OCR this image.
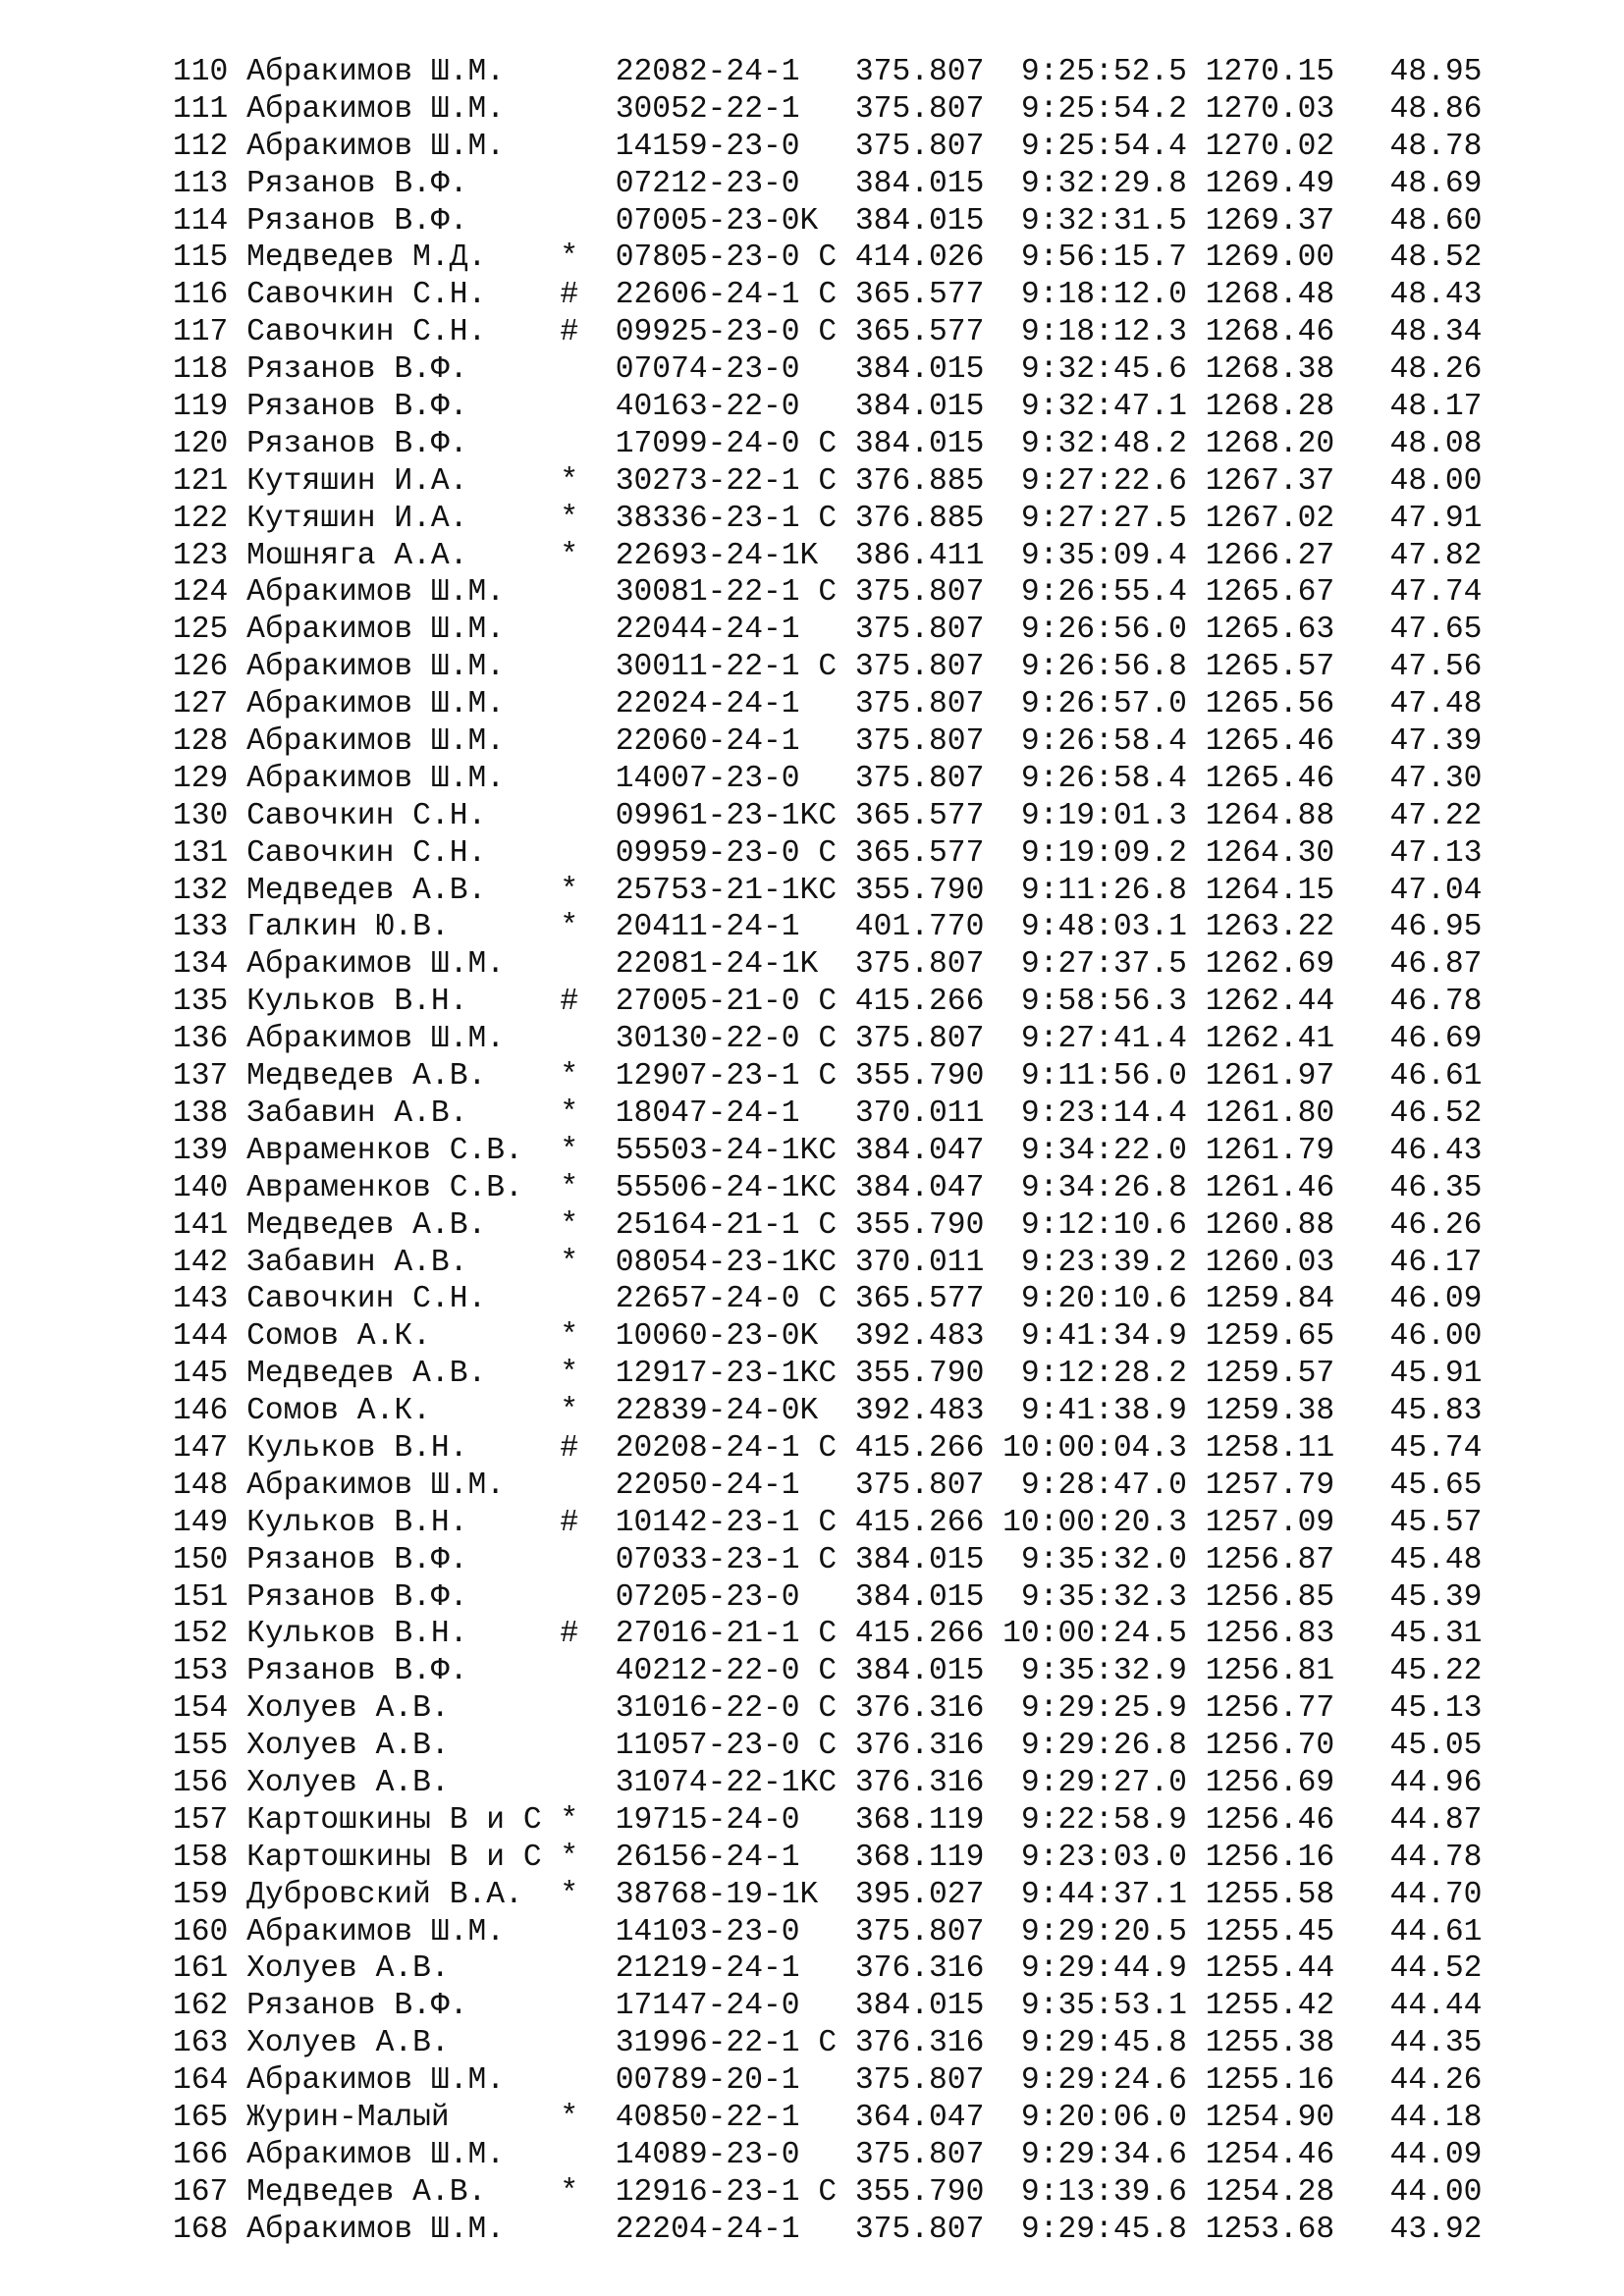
110 Абракимов Ш.М.      22082-24-1   375.807  9:25:52.5 1270.15   48.95
111 Абракимов Ш.М.      30052-22-1   375.807  9:25:54.2 1270.03   48.86
112 Абракимов Ш.М.      14159-23-0   375.807  9:25:54.4 1270.02   48.78
113 Рязанов В.Ф.        07212-23-0   384.015  9:32:29.8 1269.49   48.69
114 Рязанов В.Ф.        07005-23-0K  384.015  9:32:31.5 1269.37   48.60
115 Медведев М.Д.    *  07805-23-0 C 414.026  9:56:15.7 1269.00   48.52
116 Савочкин С.Н.    #  22606-24-1 C 365.577  9:18:12.0 1268.48   48.43
117 Савочкин С.Н.    #  09925-23-0 C 365.577  9:18:12.3 1268.46   48.34
118 Рязанов В.Ф.        07074-23-0   384.015  9:32:45.6 1268.38   48.26
119 Рязанов В.Ф.        40163-22-0   384.015  9:32:47.1 1268.28   48.17
120 Рязанов В.Ф.        17099-24-0 C 384.015  9:32:48.2 1268.20   48.08
121 Кутяшин И.А.     *  30273-22-1 C 376.885  9:27:22.6 1267.37   48.00
122 Кутяшин И.А.     *  38336-23-1 C 376.885  9:27:27.5 1267.02   47.91
123 Мошняга А.А.     *  22693-24-1K  386.411  9:35:09.4 1266.27   47.82
124 Абракимов Ш.М.      30081-22-1 C 375.807  9:26:55.4 1265.67   47.74
125 Абракимов Ш.М.      22044-24-1   375.807  9:26:56.0 1265.63   47.65
126 Абракимов Ш.М.      30011-22-1 C 375.807  9:26:56.8 1265.57   47.56
127 Абракимов Ш.М.      22024-24-1   375.807  9:26:57.0 1265.56   47.48
128 Абракимов Ш.М.      22060-24-1   375.807  9:26:58.4 1265.46   47.39
129 Абракимов Ш.М.      14007-23-0   375.807  9:26:58.4 1265.46   47.30
130 Савочкин С.Н.       09961-23-1KC 365.577  9:19:01.3 1264.88   47.22
131 Савочкин С.Н.       09959-23-0 C 365.577  9:19:09.2 1264.30   47.13
132 Медведев А.В.    *  25753-21-1KC 355.790  9:11:26.8 1264.15   47.04
133 Галкин Ю.В.      *  20411-24-1   401.770  9:48:03.1 1263.22   46.95
134 Абракимов Ш.М.      22081-24-1K  375.807  9:27:37.5 1262.69   46.87
135 Кульков В.Н.     #  27005-21-0 C 415.266  9:58:56.3 1262.44   46.78
136 Абракимов Ш.М.      30130-22-0 C 375.807  9:27:41.4 1262.41   46.69
137 Медведев А.В.    *  12907-23-1 C 355.790  9:11:56.0 1261.97   46.61
138 Забавин А.В.     *  18047-24-1   370.011  9:23:14.4 1261.80   46.52
139 Авраменков С.В.  *  55503-24-1KC 384.047  9:34:22.0 1261.79   46.43
140 Авраменков С.В.  *  55506-24-1KC 384.047  9:34:26.8 1261.46   46.35
141 Медведев А.В.    *  25164-21-1 C 355.790  9:12:10.6 1260.88   46.26
142 Забавин А.В.     *  08054-23-1KC 370.011  9:23:39.2 1260.03   46.17
143 Савочкин С.Н.       22657-24-0 C 365.577  9:20:10.6 1259.84   46.09
144 Сомов А.К.       *  10060-23-0K  392.483  9:41:34.9 1259.65   46.00
145 Медведев А.В.    *  12917-23-1KC 355.790  9:12:28.2 1259.57   45.91
146 Сомов А.К.       *  22839-24-0K  392.483  9:41:38.9 1259.38   45.83
147 Кульков В.Н.     #  20208-24-1 C 415.266 10:00:04.3 1258.11   45.74
148 Абракимов Ш.М.      22050-24-1   375.807  9:28:47.0 1257.79   45.65
149 Кульков В.Н.     #  10142-23-1 C 415.266 10:00:20.3 1257.09   45.57
150 Рязанов В.Ф.        07033-23-1 C 384.015  9:35:32.0 1256.87   45.48
151 Рязанов В.Ф.        07205-23-0   384.015  9:35:32.3 1256.85   45.39
152 Кульков В.Н.     #  27016-21-1 C 415.266 10:00:24.5 1256.83   45.31
153 Рязанов В.Ф.        40212-22-0 C 384.015  9:35:32.9 1256.81   45.22
154 Холуев А.В.         31016-22-0 C 376.316  9:29:25.9 1256.77   45.13
155 Холуев А.В.         11057-23-0 C 376.316  9:29:26.8 1256.70   45.05
156 Холуев А.В.         31074-22-1KC 376.316  9:29:27.0 1256.69   44.96
157 Картошкины В и С *  19715-24-0   368.119  9:22:58.9 1256.46   44.87
158 Картошкины В и С *  26156-24-1   368.119  9:23:03.0 1256.16   44.78
159 Дубровский В.А.  *  38768-19-1K  395.027  9:44:37.1 1255.58   44.70
160 Абракимов Ш.М.      14103-23-0   375.807  9:29:20.5 1255.45   44.61
161 Холуев А.В.         21219-24-1   376.316  9:29:44.9 1255.44   44.52
162 Рязанов В.Ф.        17147-24-0   384.015  9:35:53.1 1255.42   44.44
163 Холуев А.В.         31996-22-1 C 376.316  9:29:45.8 1255.38   44.35
164 Абракимов Ш.М.      00789-20-1   375.807  9:29:24.6 1255.16   44.26
165 Журин-Малый      *  40850-22-1   364.047  9:20:06.0 1254.90   44.18
166 Абракимов Ш.М.      14089-23-0   375.807  9:29:34.6 1254.46   44.09
167 Медведев А.В.    *  12916-23-1 C 355.790  9:13:39.6 1254.28   44.00
168 Абракимов Ш.М.      22204-24-1   375.807  9:29:45.8 1253.68   43.92
